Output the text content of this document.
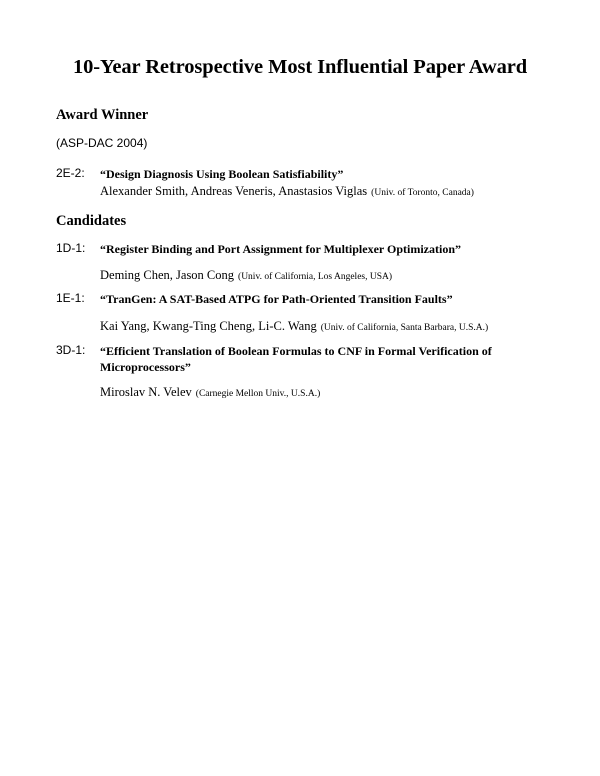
10-Year Retrospective Most Influential Paper Award
Award Winner
(ASP-DAC 2004)
2E-2: “Design Diagnosis Using Boolean Satisfiability”
Alexander Smith, Andreas Veneris, Anastasios Viglas (Univ. of Toronto, Canada)
Candidates
1D-1: “Register Binding and Port Assignment for Multiplexer Optimization”
Deming Chen, Jason Cong (Univ. of California, Los Angeles, USA)
1E-1: “TranGen: A SAT-Based ATPG for Path-Oriented Transition Faults”
Kai Yang, Kwang-Ting Cheng, Li-C. Wang (Univ. of California, Santa Barbara, U.S.A.)
3D-1: “Efficient Translation of Boolean Formulas to CNF in Formal Verification of
Microprocessors”
Miroslav N. Velev (Carnegie Mellon Univ., U.S.A.)
